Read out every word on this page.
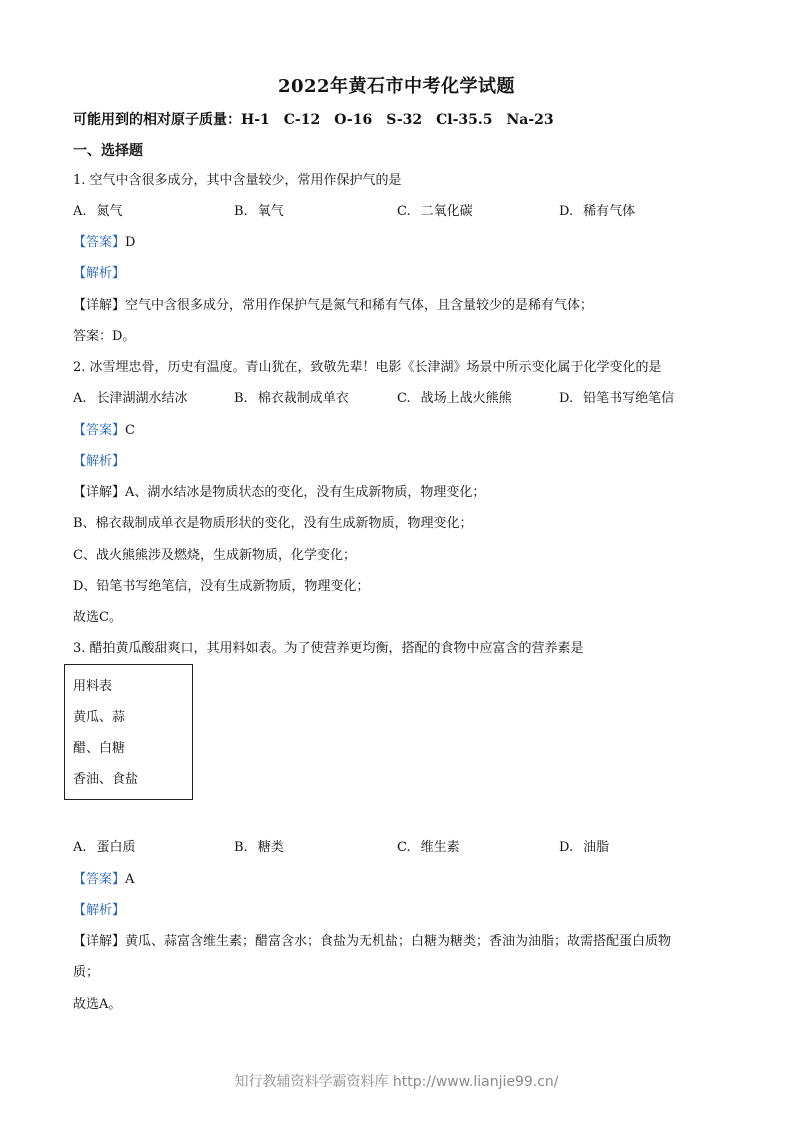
2022年黄石市中考化学试题
可能用到的相对原子质量：H-1　C-12　O-16　S-32　Cl-35.5　Na-23
一、选择题
1. 空气中含很多成分，其中含量较少，常用作保护气的是
A. 氮气	B. 氧气	C. 二氧化碳	D. 稀有气体
【答案】D
【解析】
【详解】空气中含很多成分，常用作保护气是氮气和稀有气体，且含量较少的是稀有气体；
答案：D。
2. 冰雪埋忠骨，历史有温度。青山犹在，致敬先辈！电影《长津湖》场景中所示变化属于化学变化的是
A. 长津湖湖水结冰	B. 棉衣裁制成单衣	C. 战场上战火熊熊	D. 铅笔书写绝笔信
【答案】C
【解析】
【详解】A、湖水结冰是物质状态的变化，没有生成新物质，物理变化；
B、棉衣裁制成单衣是物质形状的变化，没有生成新物质，物理变化；
C、战火熊熊涉及燃烧，生成新物质，化学变化；
D、铅笔书写绝笔信，没有生成新物质，物理变化；
故选C。
3. 醋拍黄瓜酸甜爽口，其用料如表。为了使营养更均衡，搭配的食物中应富含的营养素是
用料表
黄瓜、蒜
醋、白糖
香油、食盐
A. 蛋白质	B. 糖类	C. 维生素	D. 油脂
【答案】A
【解析】
【详解】黄瓜、蒜富含维生素；醋富含水；食盐为无机盐；白糖为糖类；香油为油脂；故需搭配蛋白质物
质；
故选A。
知行教辅资料学霸资料库 http://www.lianjie99.cn/
